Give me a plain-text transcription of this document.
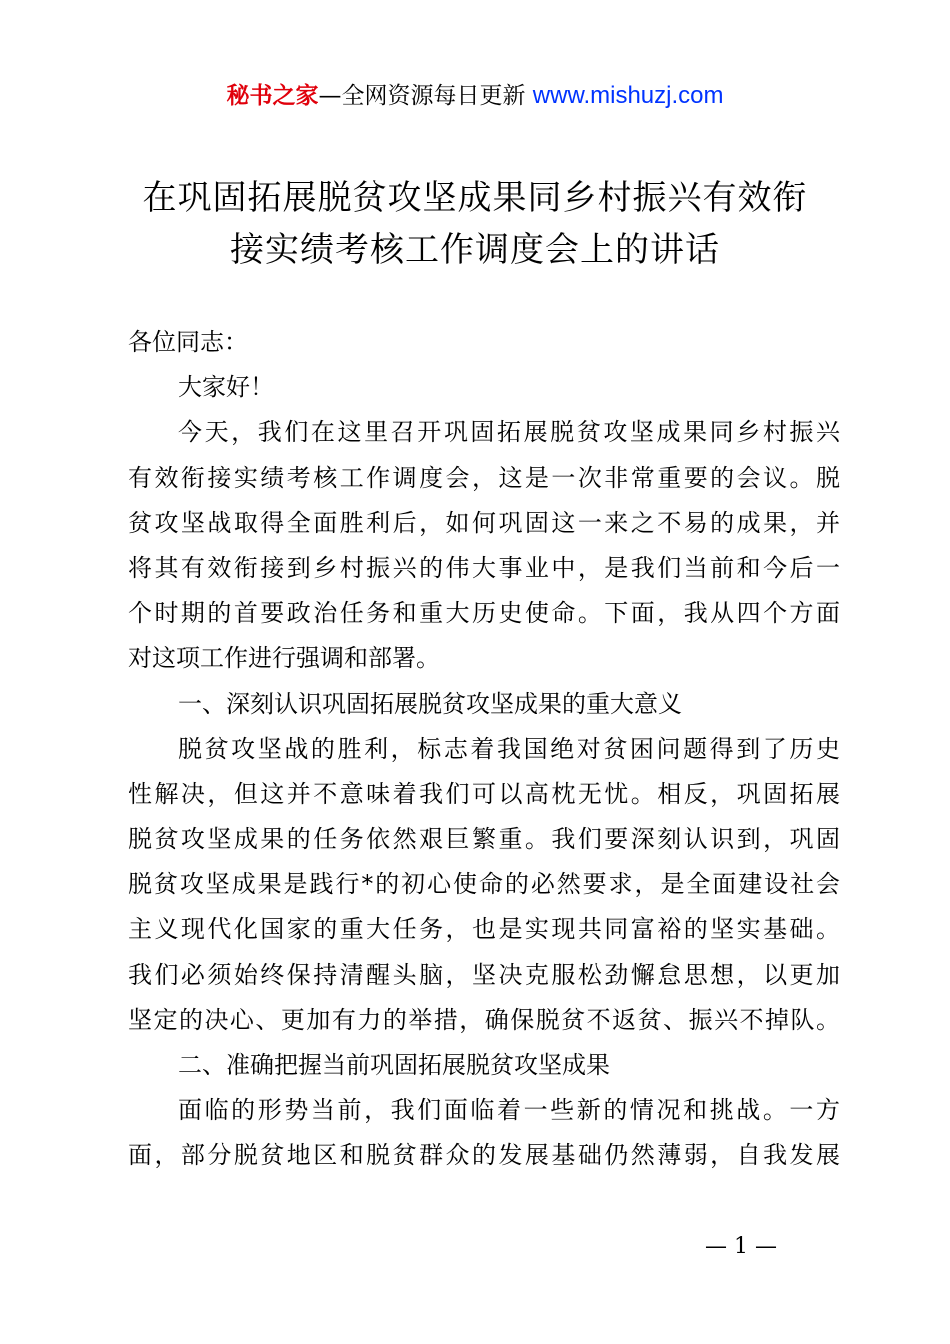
秘书之家—全网资源每日更新 www.mishuzj.com
在巩固拓展脱贫攻坚成果同乡村振兴有效衔
接实绩考核工作调度会上的讲话
各位同志：
大家好！
今天，我们在这里召开巩固拓展脱贫攻坚成果同乡村振兴
有效衔接实绩考核工作调度会，这是一次非常重要的会议。脱
贫攻坚战取得全面胜利后，如何巩固这一来之不易的成果，并
将其有效衔接到乡村振兴的伟大事业中，是我们当前和今后一
个时期的首要政治任务和重大历史使命。下面，我从四个方面
对这项工作进行强调和部署。
一、深刻认识巩固拓展脱贫攻坚成果的重大意义
脱贫攻坚战的胜利，标志着我国绝对贫困问题得到了历史
性解决，但这并不意味着我们可以高枕无忧。相反，巩固拓展
脱贫攻坚成果的任务依然艰巨繁重。我们要深刻认识到，巩固
脱贫攻坚成果是践行*的初心使命的必然要求，是全面建设社会
主义现代化国家的重大任务，也是实现共同富裕的坚实基础。
我们必须始终保持清醒头脑，坚决克服松劲懈怠思想，以更加
坚定的决心、更加有力的举措，确保脱贫不返贫、振兴不掉队。
二、准确把握当前巩固拓展脱贫攻坚成果
面临的形势当前，我们面临着一些新的情况和挑战。一方
面，部分脱贫地区和脱贫群众的发展基础仍然薄弱，自我发展
— 1 —
